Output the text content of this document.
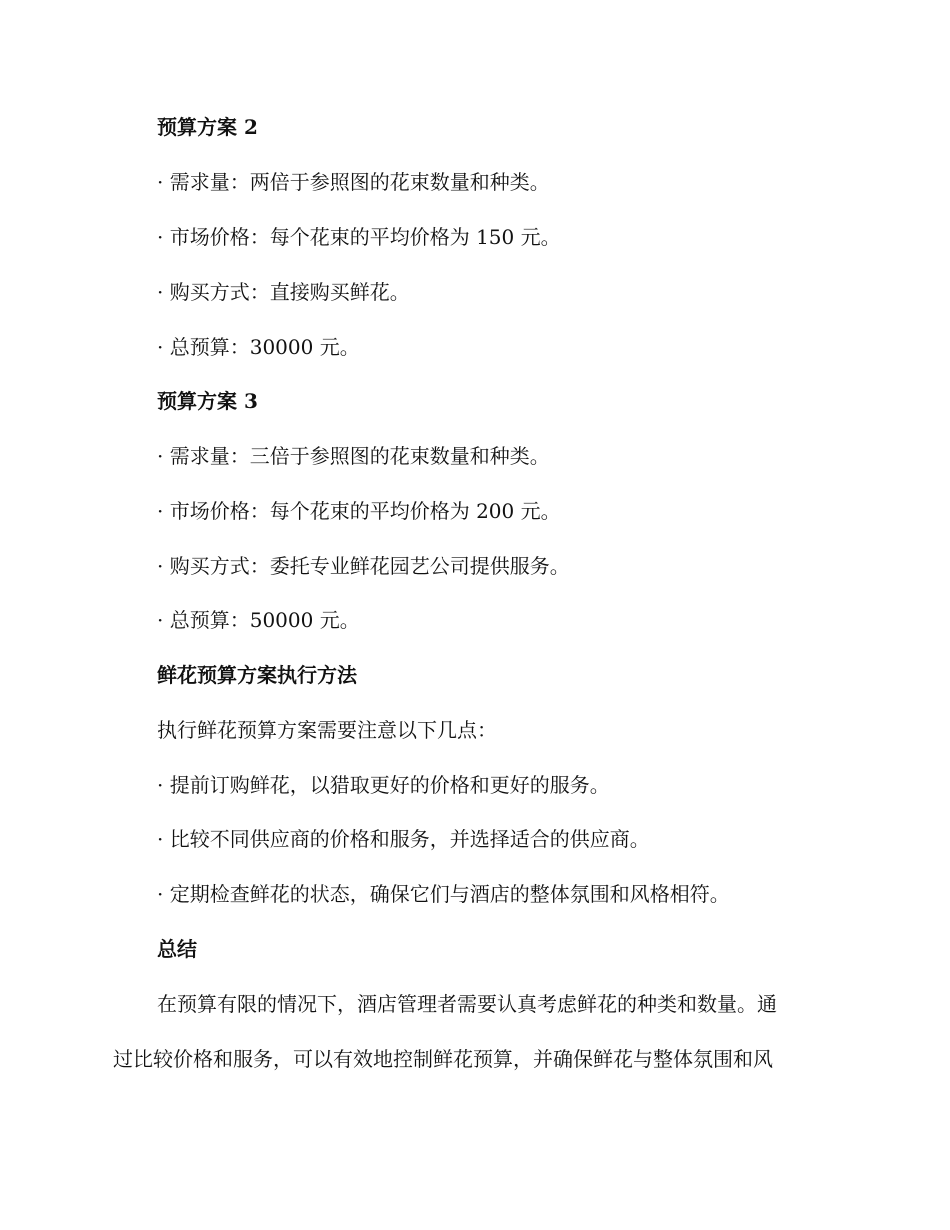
预算方案 2
· 需求量：两倍于参照图的花束数量和种类。
· 市场价格：每个花束的平均价格为 150 元。
· 购买方式：直接购买鲜花。
· 总预算：30000 元。
预算方案 3
· 需求量：三倍于参照图的花束数量和种类。
· 市场价格：每个花束的平均价格为 200 元。
· 购买方式：委托专业鲜花园艺公司提供服务。
· 总预算：50000 元。
鲜花预算方案执行方法
执行鲜花预算方案需要注意以下几点：
· 提前订购鲜花，以猎取更好的价格和更好的服务。
· 比较不同供应商的价格和服务，并选择适合的供应商。
· 定期检查鲜花的状态，确保它们与酒店的整体氛围和风格相符。
总结
在预算有限的情况下，酒店管理者需要认真考虑鲜花的种类和数量。通
过比较价格和服务，可以有效地控制鲜花预算，并确保鲜花与整体氛围和风
